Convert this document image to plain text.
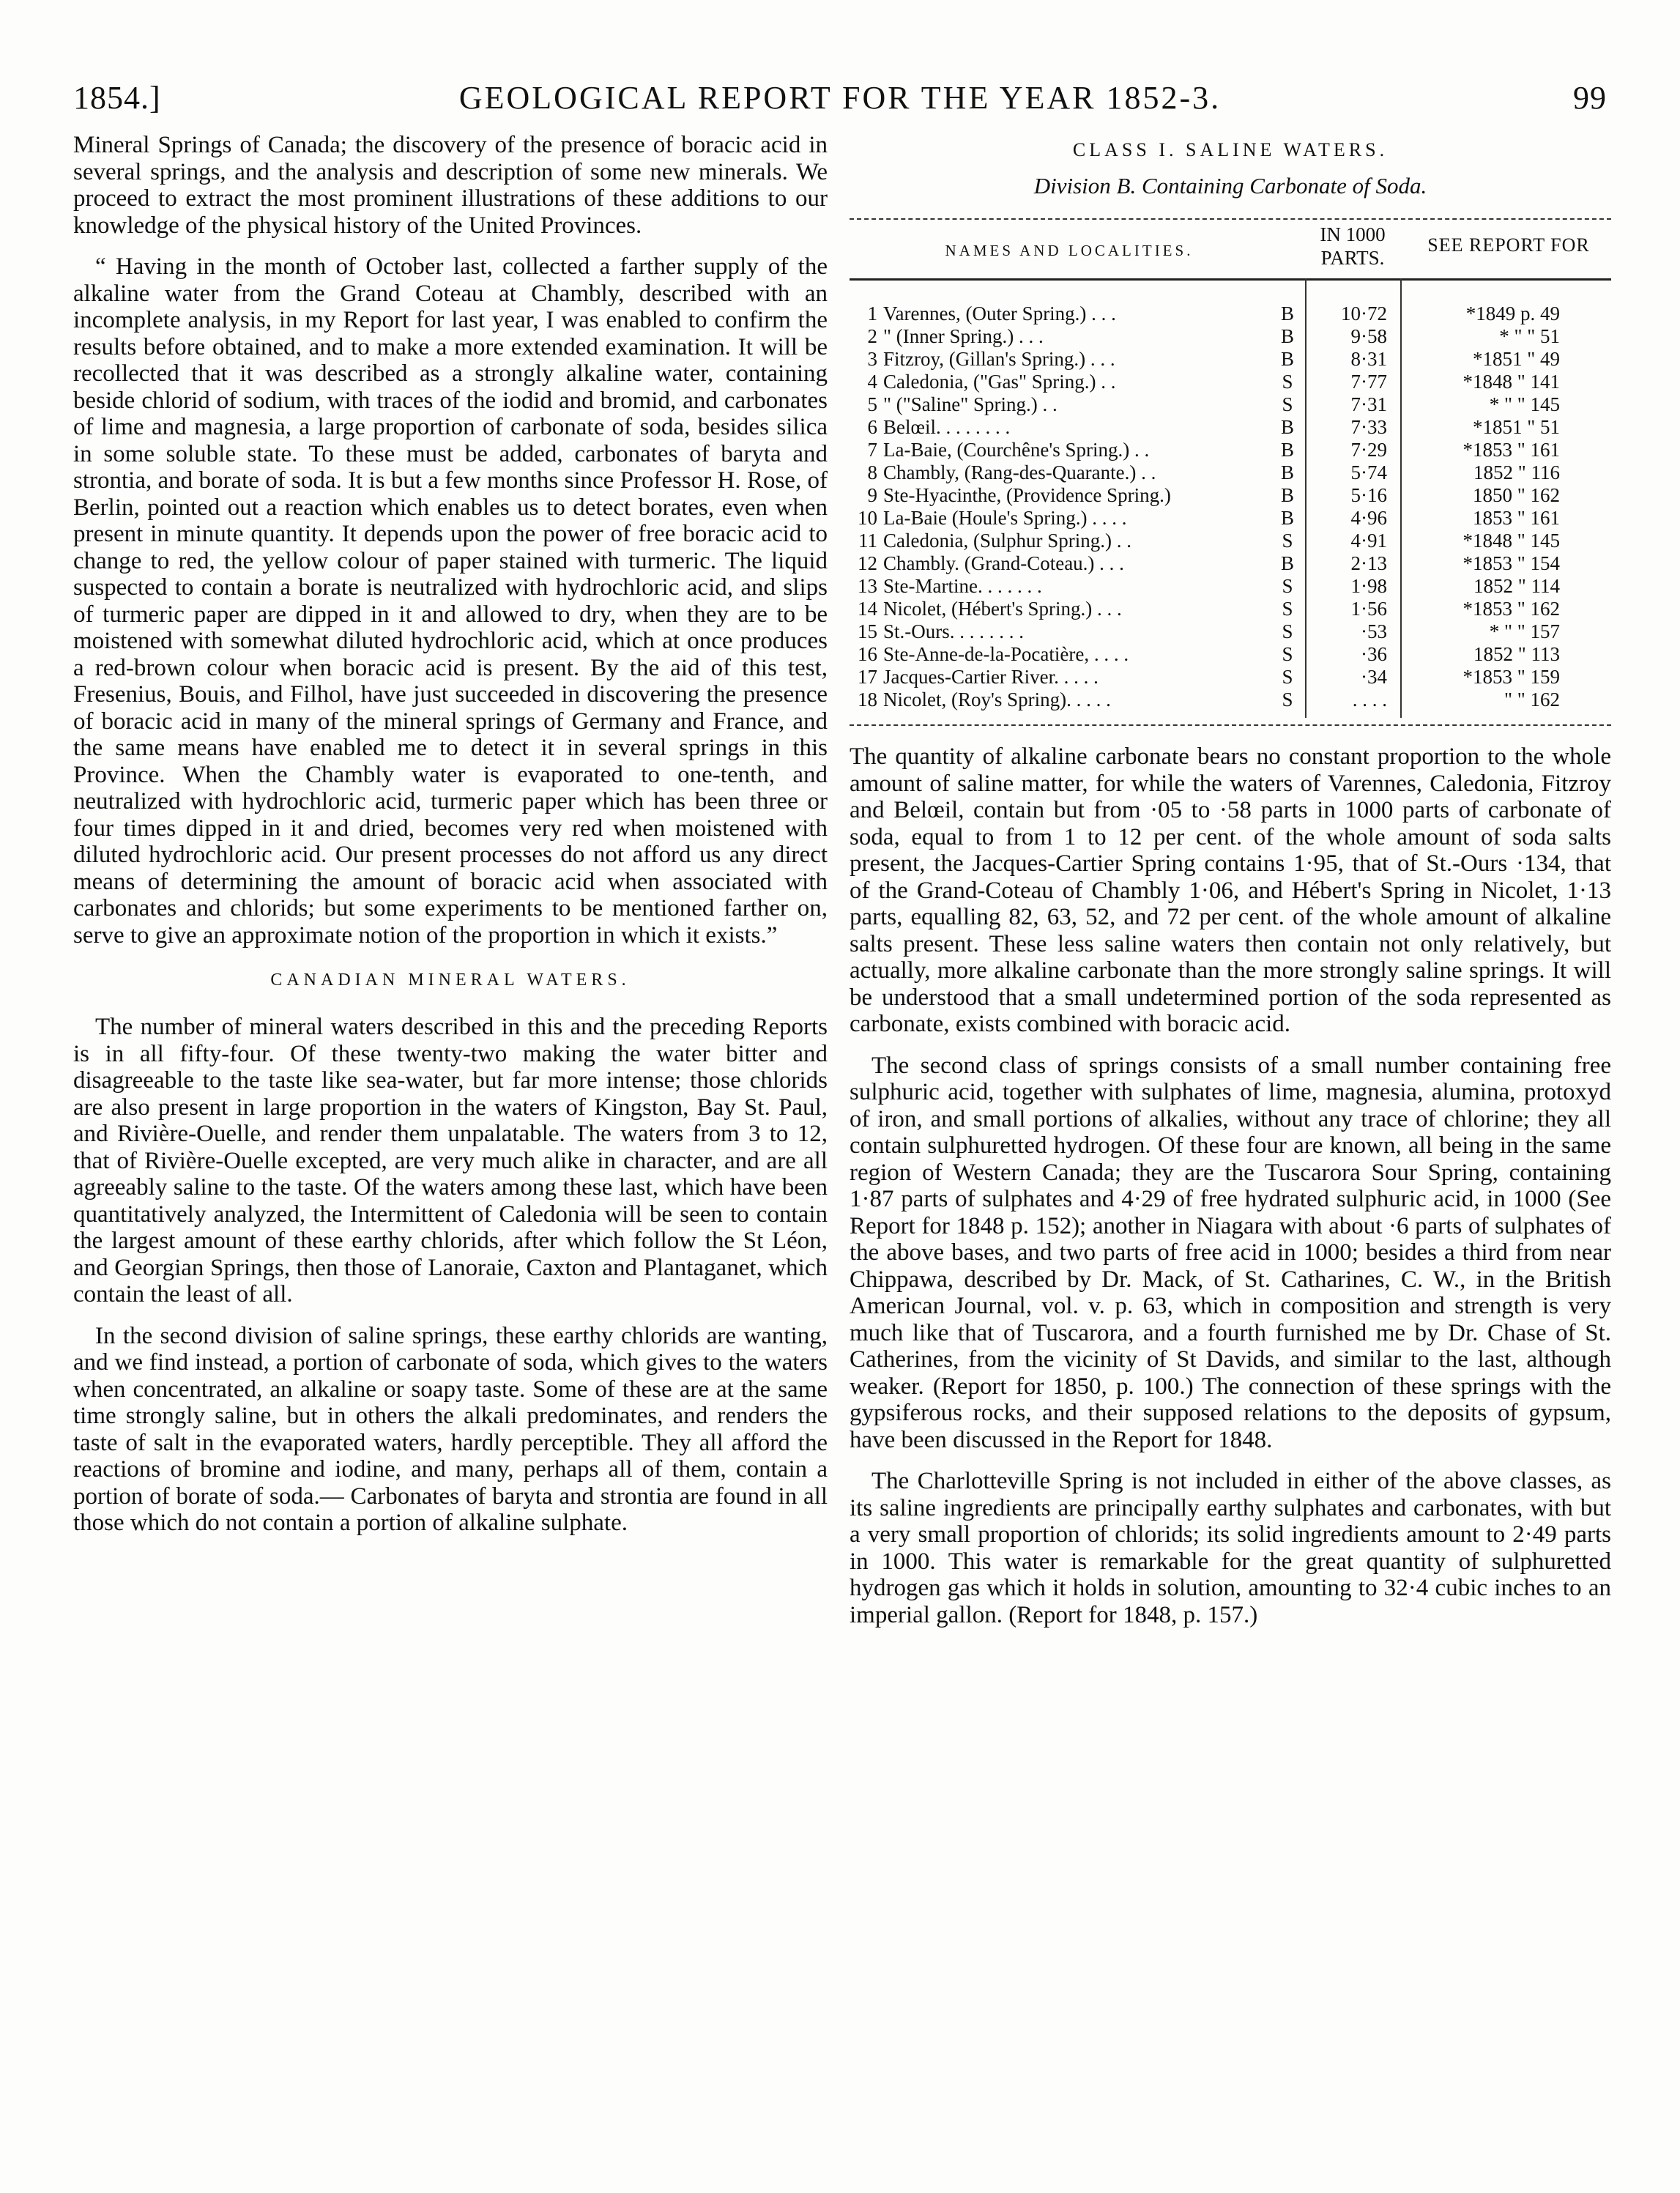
1854.]	GEOLOGICAL REPORT FOR THE YEAR 1852-3.	99

Mineral Springs of Canada; the discovery of the presence of boracic acid in several springs, and the analysis and description of some new minerals. We proceed to extract the most prominent illustrations of these additions to our knowledge of the physical history of the United Provinces.

“ Having in the month of October last, collected a farther supply of the alkaline water from the Grand Coteau at Chambly, described with an incomplete analysis, in my Report for last year, I was enabled to confirm the results before obtained, and to make a more extended examination. It will be recollected that it was described as a strongly alkaline water, containing beside chlorid of sodium, with traces of the iodid and bromid, and carbonates of lime and magnesia, a large proportion of carbonate of soda, besides silica in some soluble state. To these must be added, carbonates of baryta and strontia, and borate of soda. It is but a few months since Professor H. Rose, of Berlin, pointed out a reaction which enables us to detect borates, even when present in minute quantity. It depends upon the power of free boracic acid to change to red, the yellow colour of paper stained with turmeric. The liquid suspected to contain a borate is neutralized with hydrochloric acid, and slips of turmeric paper are dipped in it and allowed to dry, when they are to be moistened with somewhat diluted hydrochloric acid, which at once produces a red-brown colour when boracic acid is present. By the aid of this test, Fresenius, Bouis, and Filhol, have just succeeded in discovering the presence of boracic acid in many of the mineral springs of Germany and France, and the same means have enabled me to detect it in several springs in this Province. When the Chambly water is evaporated to one-tenth, and neutralized with hydrochloric acid, turmeric paper which has been three or four times dipped in it and dried, becomes very red when moistened with diluted hydrochloric acid. Our present processes do not afford us any direct means of determining the amount of boracic acid when associated with carbonates and chlorids; but some experiments to be mentioned farther on, serve to give an approximate notion of the proportion in which it exists.”

CANADIAN MINERAL WATERS.

The number of mineral waters described in this and the preceding Reports is in all fifty-four. Of these twenty-two making the water bitter and disagreeable to the taste like sea-water, but far more intense; those chlorids are also present in large proportion in the waters of Kingston, Bay St. Paul, and Rivière-Ouelle, and render them unpalatable. The waters from 3 to 12, that of Rivière-Ouelle excepted, are very much alike in character, and are all agreeably saline to the taste. Of the waters among these last, which have been quantitatively analyzed, the Intermittent of Caledonia will be seen to contain the largest amount of these earthy chlorids, after which follow the St Léon, and Georgian Springs, then those of Lanoraie, Caxton and Plantaganet, which contain the least of all.

In the second division of saline springs, these earthy chlorids are wanting, and we find instead, a portion of carbonate of soda, which gives to the waters when concentrated, an alkaline or soapy taste. Some of these are at the same time strongly saline, but in others the alkali predominates, and renders the taste of salt in the evaporated waters, hardly perceptible. They all afford the reactions of bromine and iodine, and many, perhaps all of them, contain a portion of borate of soda.— Carbonates of baryta and strontia are found in all those which do not contain a portion of alkaline sulphate.

CLASS I. SALINE WATERS.
Division B. Containing Carbonate of Soda.
NAMES AND LOCALITIES.
IN 1000
PARTS.
SEE REPORT FOR
1 Varennes, (Outer Spring.) . . .	B	10·72	*1849 p. 49
2 " (Inner Spring.) . . .	B	9·58	* " " 51
3 Fitzroy, (Gillan's Spring.) . . .	B	8·31	*1851 " 49
4 Caledonia, ("Gas" Spring.) . .	S	7·77	*1848 " 141
5 " ("Saline" Spring.) . .	S	7·31	* " " 145
6 Belœil. . . . . . . .	B	7·33	*1851 " 51
7 La-Baie, (Courchêne's Spring.) . .	B	7·29	*1853 " 161
8 Chambly, (Rang-des-Quarante.) . .	B	5·74	1852 " 116
9 Ste-Hyacinthe, (Providence Spring.)	B	5·16	1850 " 162
10 La-Baie (Houle's Spring.) . . . .	B	4·96	1853 " 161
11 Caledonia, (Sulphur Spring.) . .	S	4·91	*1848 " 145
12 Chambly. (Grand-Coteau.) . . .	B	2·13	*1853 " 154
13 Ste-Martine. . . . . . .	S	1·98	1852 " 114
14 Nicolet, (Hébert's Spring.) . . .	S	1·56	*1853 " 162
15 St.-Ours. . . . . . . .	S	·53	* " " 157
16 Ste-Anne-de-la-Pocatière, . . . .	S	·36	1852 " 113
17 Jacques-Cartier River. . . . .	S	·34	*1853 " 159
18 Nicolet, (Roy's Spring). . . . .	S	. . . .	" " 162

The quantity of alkaline carbonate bears no constant proportion to the whole amount of saline matter, for while the waters of Varennes, Caledonia, Fitzroy and Belœil, contain but from ·05 to ·58 parts in 1000 parts of carbonate of soda, equal to from 1 to 12 per cent. of the whole amount of soda salts present, the Jacques-Cartier Spring contains 1·95, that of St.-Ours ·134, that of the Grand-Coteau of Chambly 1·06, and Hébert's Spring in Nicolet, 1·13 parts, equalling 82, 63, 52, and 72 per cent. of the whole amount of alkaline salts present. These less saline waters then contain not only relatively, but actually, more alkaline carbonate than the more strongly saline springs. It will be understood that a small undetermined portion of the soda represented as carbonate, exists combined with boracic acid.

The second class of springs consists of a small number containing free sulphuric acid, together with sulphates of lime, magnesia, alumina, protoxyd of iron, and small portions of alkalies, without any trace of chlorine; they all contain sulphuretted hydrogen. Of these four are known, all being in the same region of Western Canada; they are the Tuscarora Sour Spring, containing 1·87 parts of sulphates and 4·29 of free hydrated sulphuric acid, in 1000 (See Report for 1848 p. 152); another in Niagara with about ·6 parts of sulphates of the above bases, and two parts of free acid in 1000; besides a third from near Chippawa, described by Dr. Mack, of St. Catharines, C. W., in the British American Journal, vol. v. p. 63, which in composition and strength is very much like that of Tuscarora, and a fourth furnished me by Dr. Chase of St. Catherines, from the vicinity of St Davids, and similar to the last, although weaker. (Report for 1850, p. 100.) The connection of these springs with the gypsiferous rocks, and their supposed relations to the deposits of gypsum, have been discussed in the Report for 1848.

The Charlotteville Spring is not included in either of the above classes, as its saline ingredients are principally earthy sulphates and carbonates, with but a very small proportion of chlorids; its solid ingredients amount to 2·49 parts in 1000. This water is remarkable for the great quantity of sulphuretted hydrogen gas which it holds in solution, amounting to 32·4 cubic inches to an imperial gallon. (Report for 1848, p. 157.)
